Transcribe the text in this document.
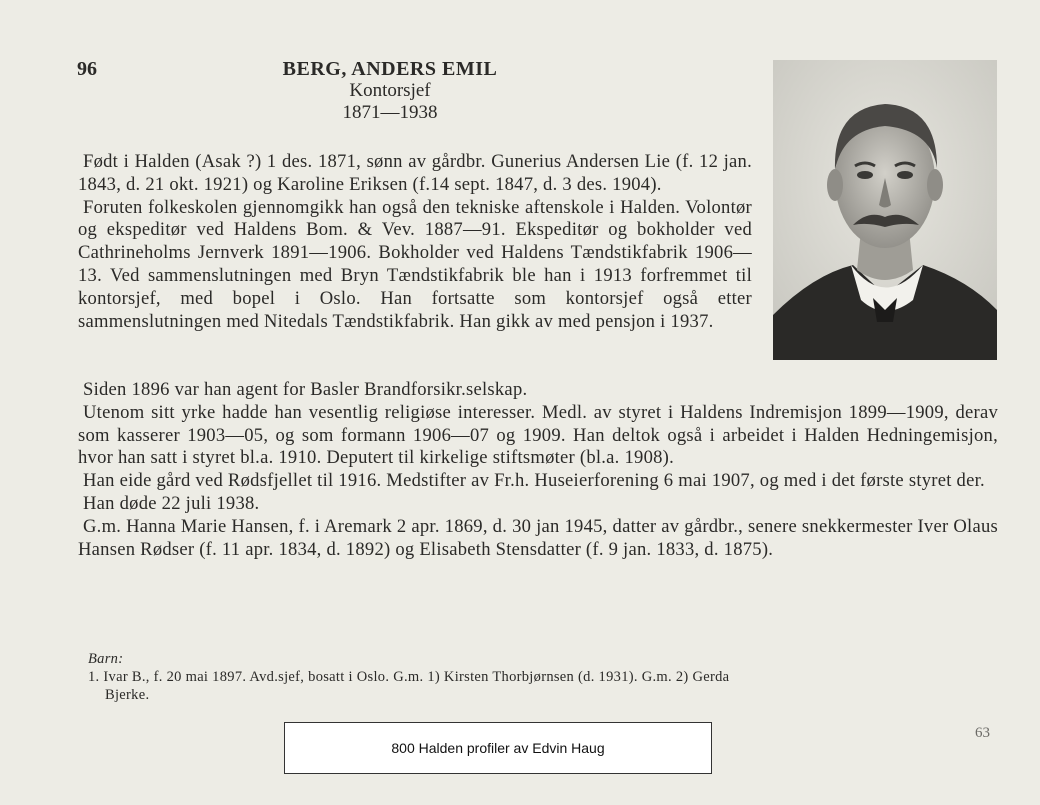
96	BERG, ANDERS EMIL
Kontorsjef
1871—1938

Født i Halden (Asak ?) 1 des. 1871, sønn av gårdbr. Gunerius Andersen Lie (f. 12 jan. 1843, d. 21 okt. 1921) og Karoline Eriksen (f.14 sept. 1847, d. 3 des. 1904).

Foruten folkeskolen gjennomgikk han også den tekniske aftenskole i Halden. Volontør og ekspeditør ved Haldens Bom. & Vev. 1887—91. Ekspeditør og bokholder ved Cathrineholms Jernverk 1891—1906. Bokholder ved Haldens Tændstikfabrik 1906—13. Ved sammenslutningen med Bryn Tændstikfabrik ble han i 1913 forfremmet til kontorsjef, med bopel i Oslo. Han fortsatte som kontorsjef også etter sammenslutningen med Nitedals Tændstikfabrik. Han gikk av med pensjon i 1937.

Siden 1896 var han agent for Basler Brandforsikr.selskap.

Utenom sitt yrke hadde han vesentlig religiøse interesser. Medl. av styret i Haldens Indremisjon 1899—1909, derav som kasserer 1903—05, og som formann 1906—07 og 1909. Han deltok også i arbeidet i Halden Hedningemisjon, hvor han satt i styret bl.a. 1910. Deputert til kirkelige stiftsmøter (bl.a. 1908).

Han eide gård ved Rødsfjellet til 1916. Medstifter av Fr.h. Huseierforening 6 mai 1907, og med i det første styret der.

Han døde 22 juli 1938.

G.m. Hanna Marie Hansen, f. i Aremark 2 apr. 1869, d. 30 jan 1945, datter av gårdbr., senere snekkermester Iver Olaus Hansen Rødser (f. 11 apr. 1834, d. 1892) og Elisabeth Stensdatter (f. 9 jan. 1833, d. 1875).

Barn:
1. Ivar B., f. 20 mai 1897. Avd.sjef, bosatt i Oslo. G.m. 1) Kirsten Thorbjørnsen (d. 1931). G.m. 2) Gerda
Bjerke.
800 Halden profiler av Edvin Haug
63
